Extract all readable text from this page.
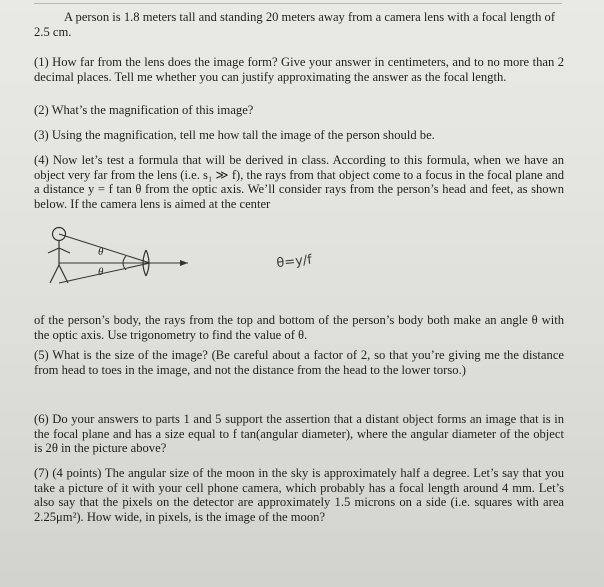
A person is 1.8 meters tall and standing 20 meters away from a camera lens with a focal length of 2.5 cm.
(1) How far from the lens does the image form? Give your answer in centimeters, and to no more than 2 decimal places. Tell me whether you can justify approximating the answer as the focal length.
(2) What’s the magnification of this image?
(3) Using the magnification, tell me how tall the image of the person should be.
(4) Now let’s test a formula that will be derived in class. According to this formula, when we have an object very far from the lens (i.e. s₁ ≫ f), the rays from that object come to a focus in the focal plane and a distance y = f tan θ from the optic axis. We’ll consider rays from the person’s head and feet, as shown below. If the camera lens is aimed at the center
θ
θ
θ=y/f
of the person’s body, the rays from the top and bottom of the person’s body both make an angle θ with the optic axis. Use trigonometry to find the value of θ.
(5) What is the size of the image? (Be careful about a factor of 2, so that you’re giving me the distance from head to toes in the image, and not the distance from the head to the lower torso.)
(6) Do your answers to parts 1 and 5 support the assertion that a distant object forms an image that is in the focal plane and has a size equal to f tan(angular diameter), where the angular diameter of the object is 2θ in the picture above?
(7) (4 points) The angular size of the moon in the sky is approximately half a degree. Let’s say that you take a picture of it with your cell phone camera, which probably has a focal length around 4 mm. Let’s also say that the pixels on the detector are approximately 1.5 microns on a side (i.e. squares with area 2.25μm²). How wide, in pixels, is the image of the moon?
